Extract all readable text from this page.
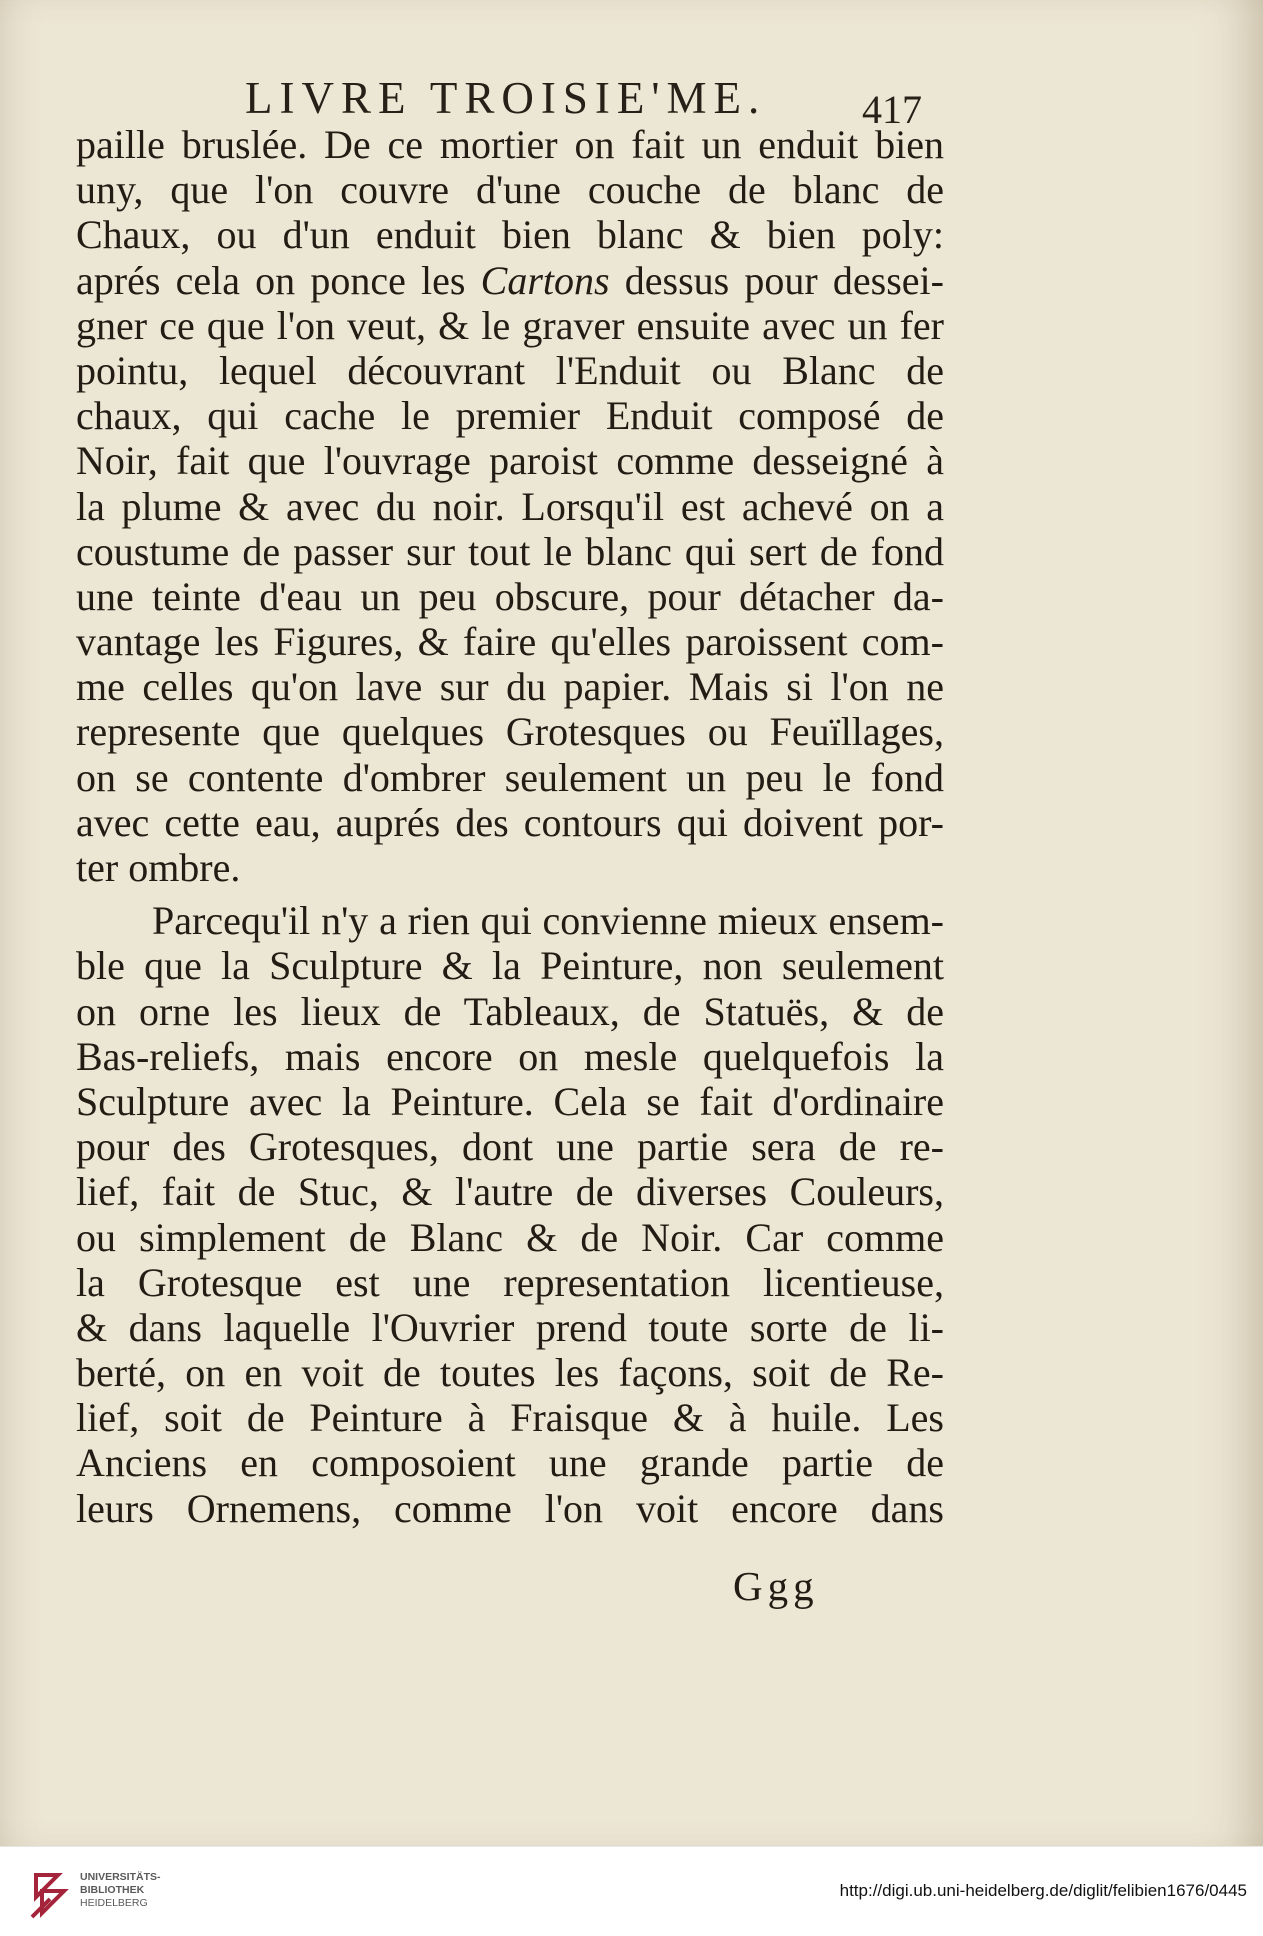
LIVRE TROISIE'ME. 417
paille bruslée. De ce mortier on fait un enduit bien
uny, que l'on couvre d'une couche de blanc de
Chaux, ou d'un enduit bien blanc & bien poly:
aprés cela on ponce les Cartons dessus pour dessei-
gner ce que l'on veut, & le graver ensuite avec un fer
pointu, lequel découvrant l'Enduit ou Blanc de
chaux, qui cache le premier Enduit composé de
Noir, fait que l'ouvrage paroist comme desseigné à
la plume & avec du noir. Lorsqu'il est achevé on a
coustume de passer sur tout le blanc qui sert de fond
une teinte d'eau un peu obscure, pour détacher da-
vantage les Figures, & faire qu'elles paroissent com-
me celles qu'on lave sur du papier. Mais si l'on ne
represente que quelques Grotesques ou Feuïllages,
on se contente d'ombrer seulement un peu le fond
avec cette eau, auprés des contours qui doivent por-
ter ombre.
Parcequ'il n'y a rien qui convienne mieux ensem-
ble que la Sculpture & la Peinture, non seulement
on orne les lieux de Tableaux, de Statuës, & de
Bas-reliefs, mais encore on mesle quelquefois la
Sculpture avec la Peinture. Cela se fait d'ordinaire
pour des Grotesques, dont une partie sera de re-
lief, fait de Stuc, & l'autre de diverses Couleurs,
ou simplement de Blanc & de Noir. Car comme
la Grotesque est une representation licentieuse,
& dans laquelle l'Ouvrier prend toute sorte de li-
berté, on en voit de toutes les façons, soit de Re-
lief, soit de Peinture à Fraisque & à huile. Les
Anciens en composoient une grande partie de
leurs Ornemens, comme l'on voit encore dans
Ggg
UNIVERSITÄTS-
BIBLIOTHEK
HEIDELBERG
http://digi.ub.uni-heidelberg.de/diglit/felibien1676/0445
